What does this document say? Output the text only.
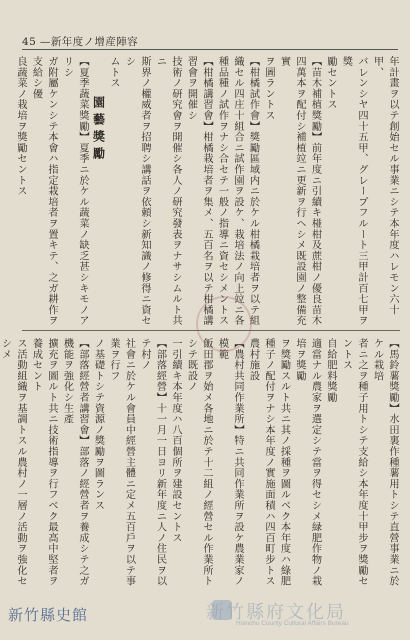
45 —新年度ノ增産陣容
年計畫ヲ以テ創始セル事業ニシテ本年度ハレモン六十甲、
バレンシヤ四十五甲、グレープフルート三甲計百七甲ヲ獎
勵セントス
【苗木補植獎勵】前年度ニ引續キ椪柑及蔗柑ノ優良苗木
四萬本ヲ配付シ補植竝ニ更新ヲ行ヘシメ既設園ノ整備充實
ヲ圖ラントス
【柑橘試作會】獎勵區域内ニ於ケル柑橘栽培者ヲ以テ組
織セル四庄十組合ニ試作園ヲ設ケ、栽培法ノ向上竝ニ各
種品種ノ試作ヲナシ合セテ一般ノ指導ニ資セシメントス
【柑橘講習會】柑橘栽培者ヲ集メ、五百名ヲ以テ柑橘講習會ヲ開催シ
技術ノ研究會ヲ開催シ各人ノ研究發表ヲナサシムルト共ニ
斯界ノ權威者ヲ招聘シ講話ヲ依頼シ新知識ノ修得ニ資セシ
ムトス
園藝獎勵
【夏季蔬菜獎勵】夏季ニ於ケル蔬菜ノ缺乏甚シキモノアリシ
ガ附屬ケンシテ本會ハ指定栽培者ヲ置キテ、之ガ耕作ヲ支給シ優
良蔬菜ノ栽培ヲ獎勵セントス
【馬鈴薯獎勵】水田裏作種薯用トシテ直營事業ニ於ケル栽培
者ニ之ヲ種子用トシテ支給シ本年度十甲步ヲ獎勵セントス
自給肥料獎勵
適當ナル農家ヲ選定シテ當ヲ得セシメ緑肥作物ノ栽培ヲ獎勵
ヲ獎勵スルト共ニ其ノ採種ヲ圖ルベク本年度ハ綠肥
種子ノ配付ヲナシ本年度ノ實施面積ハ四百町步トス
農村施設
【農村共同作業所】特ニ共同作業所ヲ設ケ農業家ノ模範
飯田郡ヲ始メ各地ニ於テ十二組ノ經營セル作業所トシテ既設ノ
一引續キ本年度ハ八百個所ヲ建設セントス
【部落經營】十一月一日ヨリ新年度ニ人ノ住民ヲ以テ村ノ
社會ニ於ケル會員中經營主體ニ定メ五百戶ヲ以テ事業ヲ行フ
ノ基礎トシテ資源ノ獎勵ヲ圖ランス
【部落經營者講習會】部落ノ經營者ヲ養成シテ之ガ機能ヲ強化シ生產
擴充ヲ圖ルト共ニ技術指導ヲ行フベク最高中堅者ヲ養成セント
ス活動組織ヲ基調トスル農村ノ一層ノ活動ヲ強化セシメ
新竹縣府文化局
Hsinchu County Cultural Affairs Bureau
新竹縣史館
